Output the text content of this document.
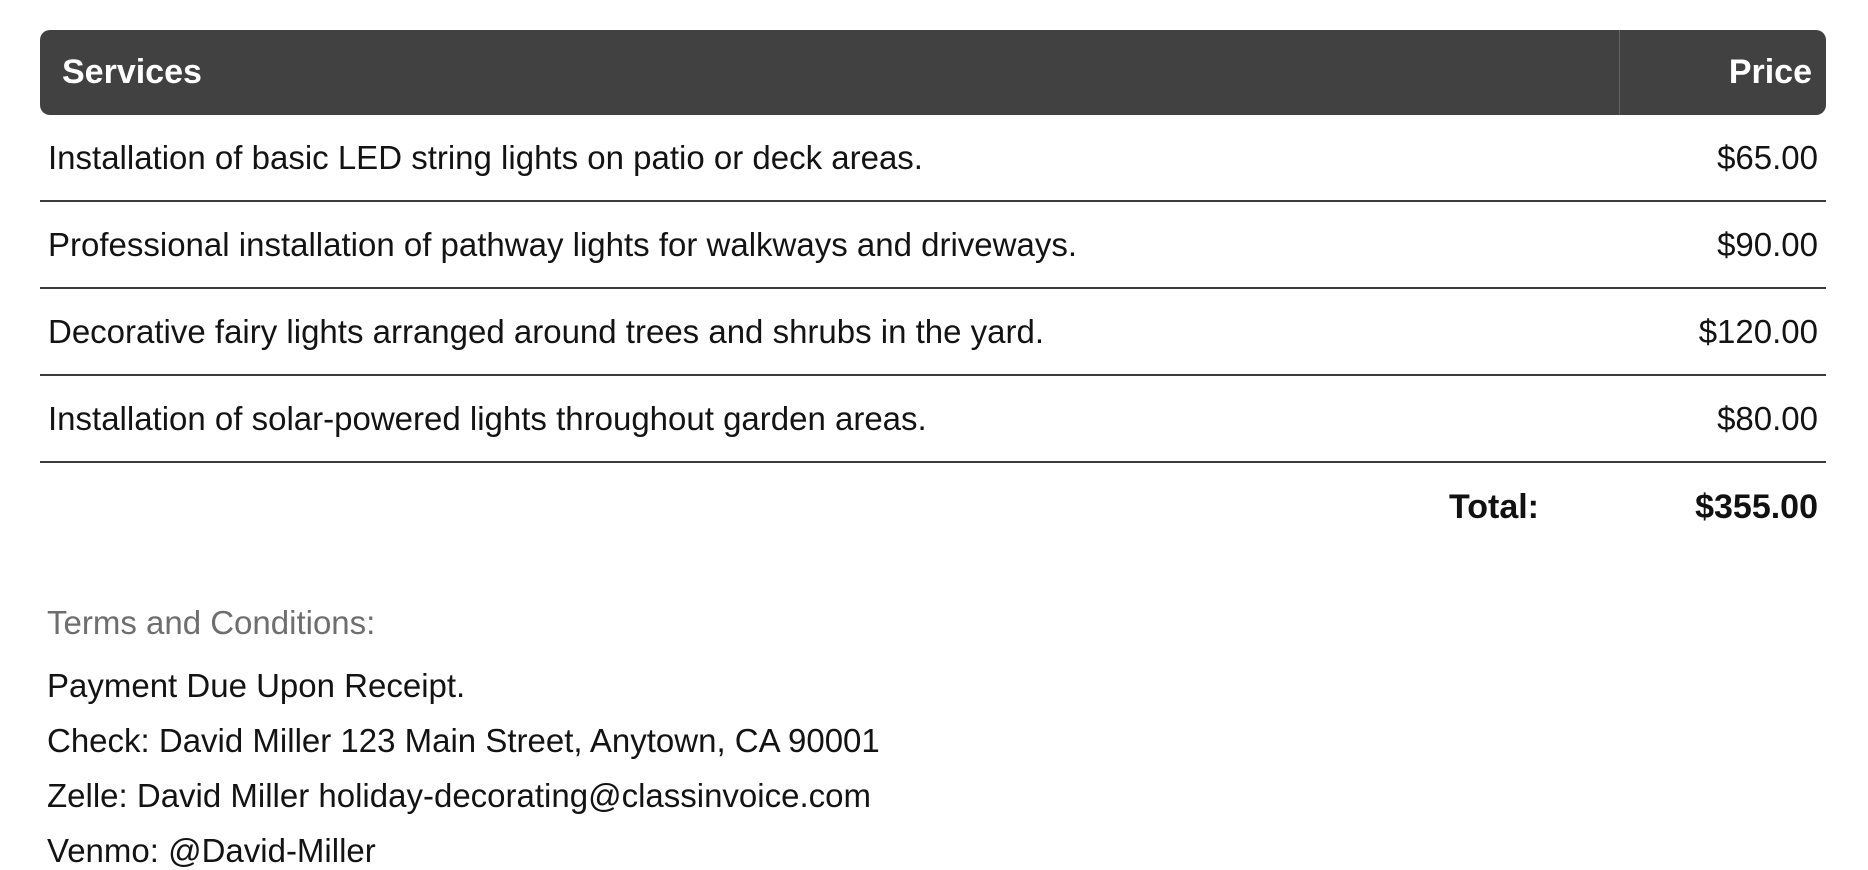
Services	Price
Installation of basic LED string lights on patio or deck areas.	$65.00
Professional installation of pathway lights for walkways and driveways.	$90.00
Decorative fairy lights arranged around trees and shrubs in the yard.	$120.00
Installation of solar-powered lights throughout garden areas.	$80.00
Total:	$355.00
Terms and Conditions:
Payment Due Upon Receipt.
Check: David Miller 123 Main Street, Anytown, CA 90001
Zelle: David Miller holiday-decorating@classinvoice.com
Venmo: @David-Miller
